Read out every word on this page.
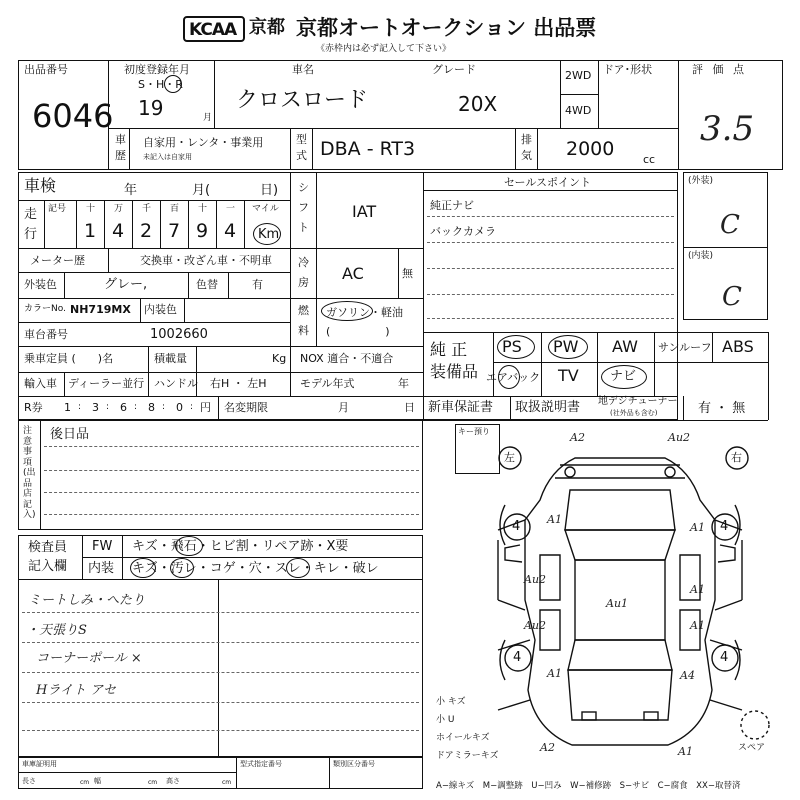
KCAA 京都 京都オートオークション 出品票
《赤枠内は必ず記入して下さい》
出品番号
6046
初度登録年月
S・H・R
19	月
車名
クロスロード
グレード
20X
2WD
4WD
ドア･形状
車
歴
自家用・レンタ・事業用
未記入は自家用
型
式 DBA - RT3	排
気 2000	cc
評 価 点
3.5
車検	年	月(	日)
走
行
記号 十
1
万
4
千
2
百
7
十
9
一
4
マイル
Km
メーター歴	交換車・改ざん車・不明車
外装色	グレー,	色替	有
カラーNo. NH719MX 内装色
車台番号	1002660
乗車定員 (　　)名	積載量	Kg
輸入車 ディーラー並行 ハンドル 右H ・ 左H
R券 1 : 3 : 6 : 8 : 0 : 円 名変期限	月	日
シ
フ
ト
IAT
冷
房 AC	無
燃
料
ガソリン・軽油
(　　　　　)
NOX 適合・不適合
モデル年式	年
セールスポイント
純正ナビ
バックカメラ
純 正
装備品
PS PW AW サンルーフ ABS
エアバック TV ナビ
地デジチューナー
(社外品も含む)	有 ・ 無
新車保証書 取扱説明書
(外装)
C
(内装)
C
注意事項(出品店記入)
後日品
検査員
記入欄
FW キズ・飛石・ヒビ割・リペア跡・X要
内装 キズ・汚レ・コゲ・穴・スレ・キレ・破レ
ミートしみ・へたり
・天張りS
コーナーポール ×
Hライト アセ
キー預り
左	右
4	4
4	4
A2	Au2
A1
A1
Au2
Au1
A1
Au2	A1
A1	A4
A2	A1
小 キズ
小 U
ホイールキズ
ドアミラーキズ
スペア
車庫証明用
長さ	cm 幅	cm 高さ	cm
型式指定番号	類別区分番号
A−線キズ　M−調整跡　U−凹み　W−補修跡　S−サビ　C−腐食　XX−取替済
